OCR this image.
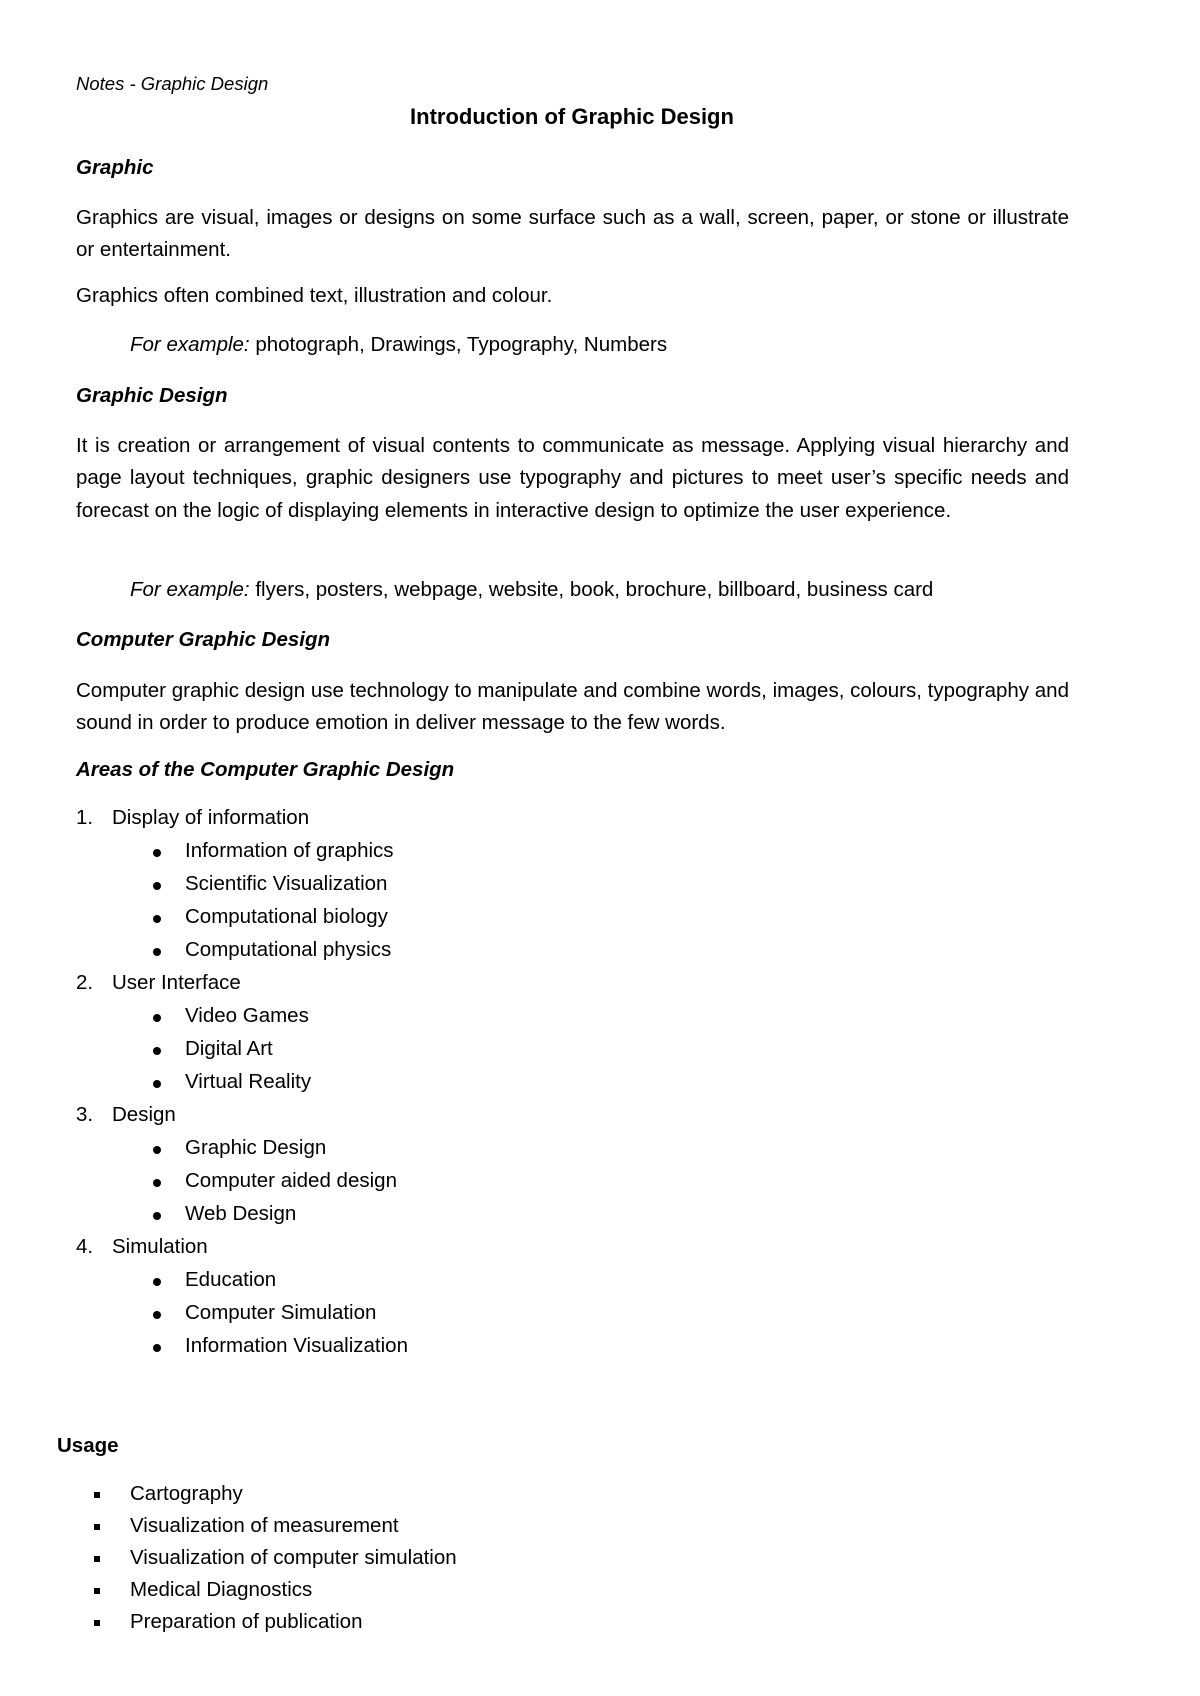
Notes - Graphic Design

Introduction of Graphic Design

Graphic

Graphics are visual, images or designs on some surface such as a wall, screen, paper, or stone or illustrate or entertainment.

Graphics often combined text, illustration and colour.

For example: photograph, Drawings, Typography, Numbers

Graphic Design

It is creation or arrangement of visual contents to communicate as message. Applying visual hierarchy and page layout techniques, graphic designers use typography and pictures to meet user’s specific needs and forecast on the logic of displaying elements in interactive design to optimize the user experience.

For example: flyers, posters, webpage, website, book, brochure, billboard, business card

Computer Graphic Design

Computer graphic design use technology to manipulate and combine words, images, colours, typography and sound in order to produce emotion in deliver message to the few words.

Areas of the Computer Graphic Design

1. Display of information

Information of graphics
Scientific Visualization
Computational biology
Computational physics

2. User Interface

Video Games
Digital Art
Virtual Reality

3. Design

Graphic Design
Computer aided design
Web Design

4. Simulation

Education
Computer Simulation
Information Visualization

Usage

Cartography
Visualization of measurement
Visualization of computer simulation
Medical Diagnostics
Preparation of publication
